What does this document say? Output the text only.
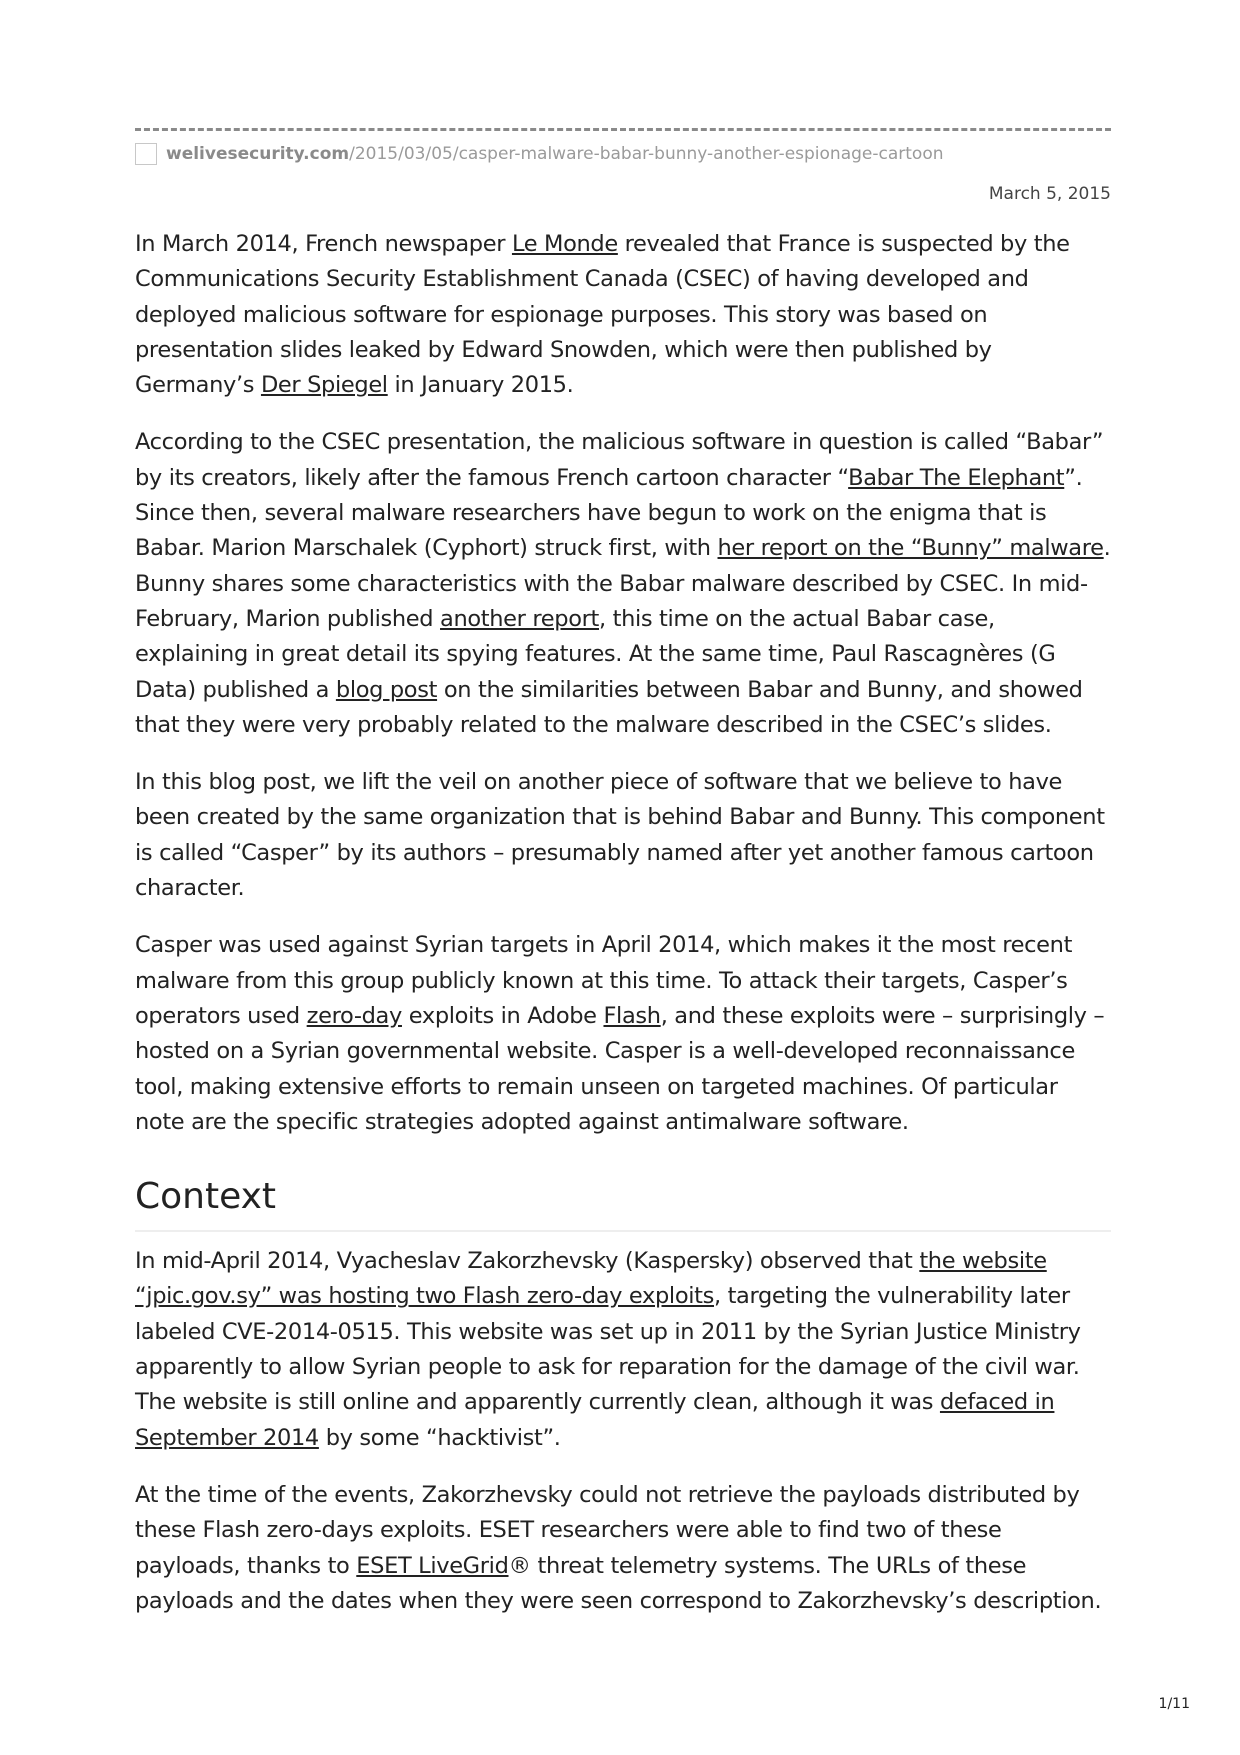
welivesecurity.com/2015/03/05/casper-malware-babar-bunny-another-espionage-cartoon
March 5, 2015

In March 2014, French newspaper Le Monde revealed that France is suspected by the Communications Security Establishment Canada (CSEC) of having developed and deployed malicious software for espionage purposes. This story was based on presentation slides leaked by Edward Snowden, which were then published by Germany’s Der Spiegel in January 2015.

According to the CSEC presentation, the malicious software in question is called “Babar” by its creators, likely after the famous French cartoon character “Babar The Elephant”. Since then, several malware researchers have begun to work on the enigma that is Babar. Marion Marschalek (Cyphort) struck first, with her report on the “Bunny” malware. Bunny shares some characteristics with the Babar malware described by CSEC. In mid-February, Marion published another report, this time on the actual Babar case, explaining in great detail its spying features. At the same time, Paul Rascagnères (G Data) published a blog post on the similarities between Babar and Bunny, and showed that they were very probably related to the malware described in the CSEC’s slides.

In this blog post, we lift the veil on another piece of software that we believe to have been created by the same organization that is behind Babar and Bunny. This component is called “Casper” by its authors – presumably named after yet another famous cartoon character.

Casper was used against Syrian targets in April 2014, which makes it the most recent malware from this group publicly known at this time. To attack their targets, Casper’s operators used zero-day exploits in Adobe Flash, and these exploits were – surprisingly – hosted on a Syrian governmental website. Casper is a well-developed reconnaissance tool, making extensive efforts to remain unseen on targeted machines. Of particular note are the specific strategies adopted against antimalware software.

Context

In mid-April 2014, Vyacheslav Zakorzhevsky (Kaspersky) observed that the website “jpic.gov.sy” was hosting two Flash zero-day exploits, targeting the vulnerability later labeled CVE-2014-0515. This website was set up in 2011 by the Syrian Justice Ministry apparently to allow Syrian people to ask for reparation for the damage of the civil war. The website is still online and apparently currently clean, although it was defaced in September 2014 by some “hacktivist”.

At the time of the events, Zakorzhevsky could not retrieve the payloads distributed by these Flash zero-days exploits. ESET researchers were able to find two of these payloads, thanks to ESET LiveGrid® threat telemetry systems. The URLs of these payloads and the dates when they were seen correspond to Zakorzhevsky’s description.

1/11
